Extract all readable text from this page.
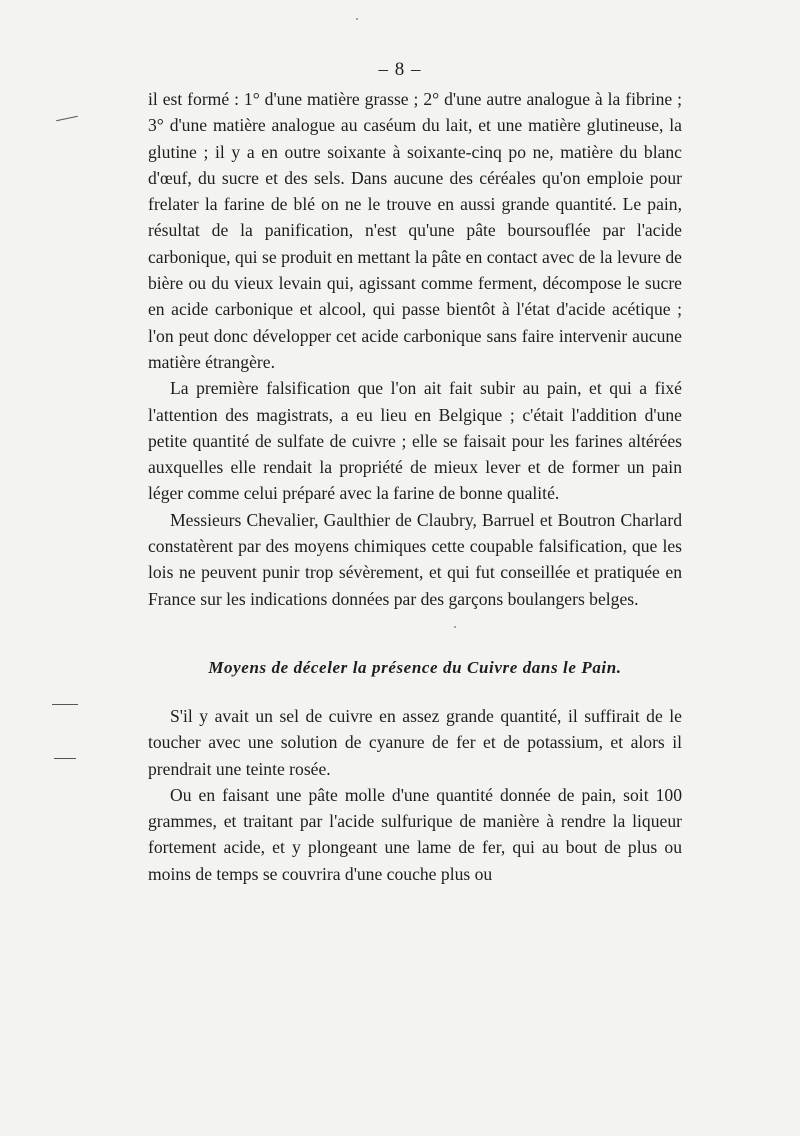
– 8 –

il est formé : 1° d'une matière grasse ; 2° d'une autre analogue à la fibrine ; 3° d'une matière analogue au caséum du lait, et une matière glutineuse, la glutine ; il y a en outre soixante à soixante-cinq po ne, matière du blanc d'œuf, du sucre et des sels. Dans aucune des céréales qu'on emploie pour frelater la farine de blé on ne le trouve en aussi grande quantité. Le pain, résultat de la panification, n'est qu'une pâte boursouflée par l'acide carbonique, qui se produit en mettant la pâte en contact avec de la levure de bière ou du vieux levain qui, agissant comme ferment, décompose le sucre en acide carbonique et alcool, qui passe bientôt à l'état d'acide acétique ; l'on peut donc développer cet acide carbonique sans faire intervenir aucune matière étrangère.

La première falsification que l'on ait fait subir au pain, et qui a fixé l'attention des magistrats, a eu lieu en Belgique ; c'était l'addition d'une petite quantité de sulfate de cuivre ; elle se faisait pour les farines altérées auxquelles elle rendait la propriété de mieux lever et de former un pain léger comme celui préparé avec la farine de bonne qualité.

Messieurs Chevalier, Gaulthier de Claubry, Barruel et Boutron Charlard constatèrent par des moyens chimiques cette coupable falsification, que les lois ne peuvent punir trop sévèrement, et qui fut conseillée et pratiquée en France sur les indications données par des garçons boulangers belges.

Moyens de déceler la présence du Cuivre dans le Pain.

S'il y avait un sel de cuivre en assez grande quantité, il suffirait de le toucher avec une solution de cyanure de fer et de potassium, et alors il prendrait une teinte rosée.

Ou en faisant une pâte molle d'une quantité donnée de pain, soit 100 grammes, et traitant par l'acide sulfurique de manière à rendre la liqueur fortement acide, et y plongeant une lame de fer, qui au bout de plus ou moins de temps se couvrira d'une couche plus ou
